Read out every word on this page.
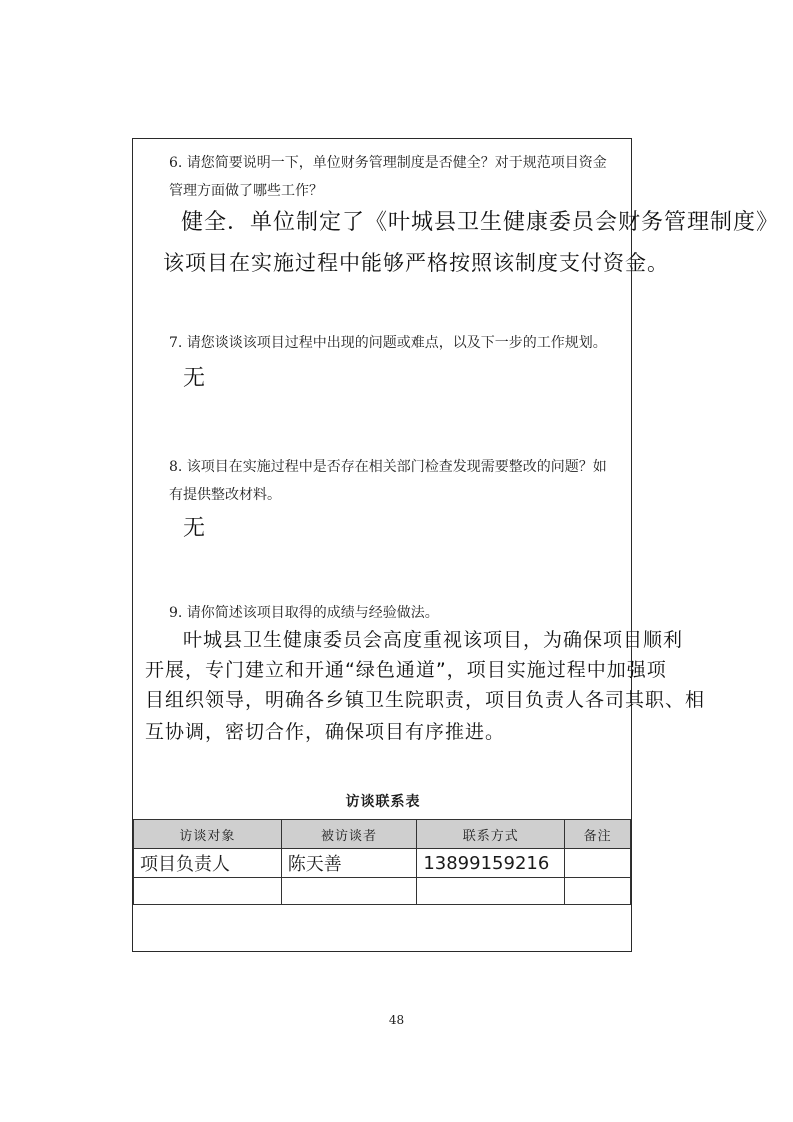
6. 请您简要说明一下，单位财务管理制度是否健全？对于规范项目资金管理方面做了哪些工作？
健全．单位制定了《叶城县卫生健康委员会财务管理制度》
该项目在实施过程中能够严格按照该制度支付资金。
7. 请您谈谈该项目过程中出现的问题或难点，以及下一步的工作规划。
无
8. 该项目在实施过程中是否存在相关部门检查发现需要整改的问题？如有提供整改材料。
无
9. 请你简述该项目取得的成绩与经验做法。
叶城县卫生健康委员会高度重视该项目，为确保项目顺利
开展，专门建立和开通“绿色通道”，项目实施过程中加强项
目组织领导，明确各乡镇卫生院职责，项目负责人各司其职、相
互协调，密切合作，确保项目有序推进。
访谈联系表
访谈对象	被访谈者	联系方式	备注
项目负责人	陈天善	13899159216	

48
